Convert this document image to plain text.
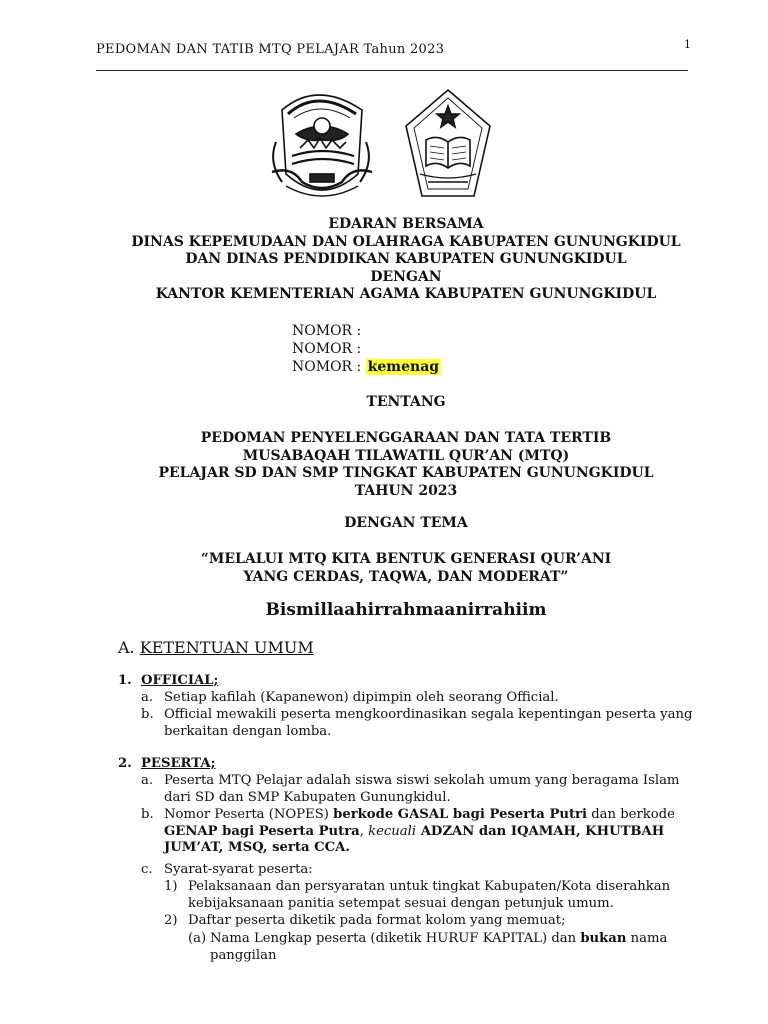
PEDOMAN DAN TATIB MTQ PELAJAR Tahun 2023	1
EDARAN BERSAMA
DINAS KEPEMUDAAN DAN OLAHRAGA KABUPATEN GUNUNGKIDUL
DAN DINAS PENDIDIKAN KABUPATEN GUNUNGKIDUL
DENGAN
KANTOR KEMENTERIAN AGAMA KABUPATEN GUNUNGKIDUL
NOMOR :
NOMOR :
NOMOR : kemenag
TENTANG
PEDOMAN PENYELENGGARAAN DAN TATA TERTIB
MUSABAQAH TILAWATIL QUR’AN (MTQ)
PELAJAR SD DAN SMP TINGKAT KABUPATEN GUNUNGKIDUL
TAHUN 2023
DENGAN TEMA
“MELALUI MTQ KITA BENTUK GENERASI QUR’ANI
YANG CERDAS, TAQWA, DAN MODERAT”
Bismillaahirrahmaanirrahiim
A. KETENTUAN UMUM
1. OFFICIAL;
a. Setiap kafilah (Kapanewon) dipimpin oleh seorang Official.
b. Official mewakili peserta mengkoordinasikan segala kepentingan peserta yang
berkaitan dengan lomba.
2. PESERTA;
a. Peserta MTQ Pelajar adalah siswa siswi sekolah umum yang beragama Islam
dari SD dan SMP Kabupaten Gunungkidul.
b. Nomor Peserta (NOPES) berkode GASAL bagi Peserta Putri dan berkode
GENAP bagi Peserta Putra, kecuali ADZAN dan IQAMAH, KHUTBAH
JUM’AT, MSQ, serta CCA.
c. Syarat-syarat peserta:
1) Pelaksanaan dan persyaratan untuk tingkat Kabupaten/Kota diserahkan
kebijaksanaan panitia setempat sesuai dengan petunjuk umum.
2) Daftar peserta diketik pada format kolom yang memuat;
(a) Nama Lengkap peserta (diketik HURUF KAPITAL) dan bukan nama
panggilan
